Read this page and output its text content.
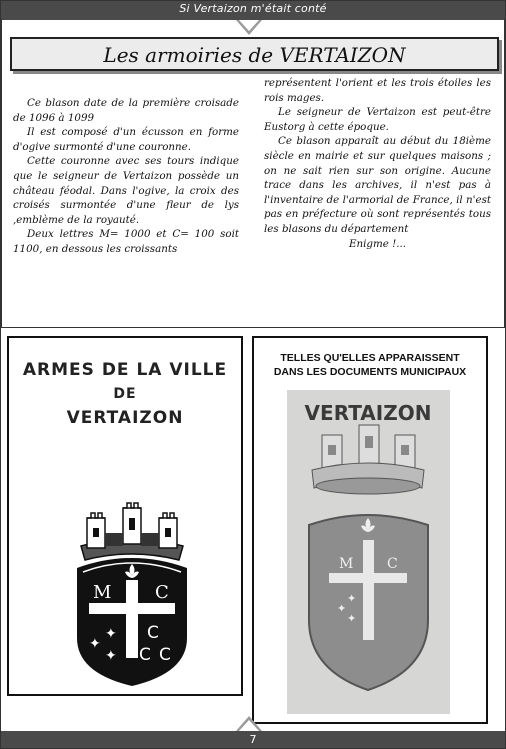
Si Vertaizon m'était conté
Les armoiries de VERTAIZON

Ce blason date de la première croisade de 1096 à 1099

Il est composé d'un écusson en forme d'ogive surmonté d'une couronne.

Cette couronne avec ses tours indique que le seigneur de Vertaizon possède un château féodal. Dans l'ogive, la croix des croisés surmontée d'une fleur de lys ,emblème de la royauté.

Deux lettres M= 1000 et C= 100 soit 1100, en dessous les croissants

représentent l'orient et les trois étoiles les rois mages.

Le seigneur de Vertaizon est peut-être Eustorg à cette époque.

Ce blason apparaît au début du 18ième siècle en mairie et sur quelques maisons ; on ne sait rien sur son origine. Aucune trace dans les archives, il n'est pas à l'inventaire de l'armorial de France, il n'est pas en préfecture où sont représentés tous les blasons du département

Enigme !...

ARMES DE LA VILLE
DE
VERTAIZON
✦
✦
✦
M C
C
C C
TELLES QU'ELLES APPARAISSENT
DANS LES DOCUMENTS MUNICIPAUX
VERTAIZON
M C
✦
✦
✦
7
